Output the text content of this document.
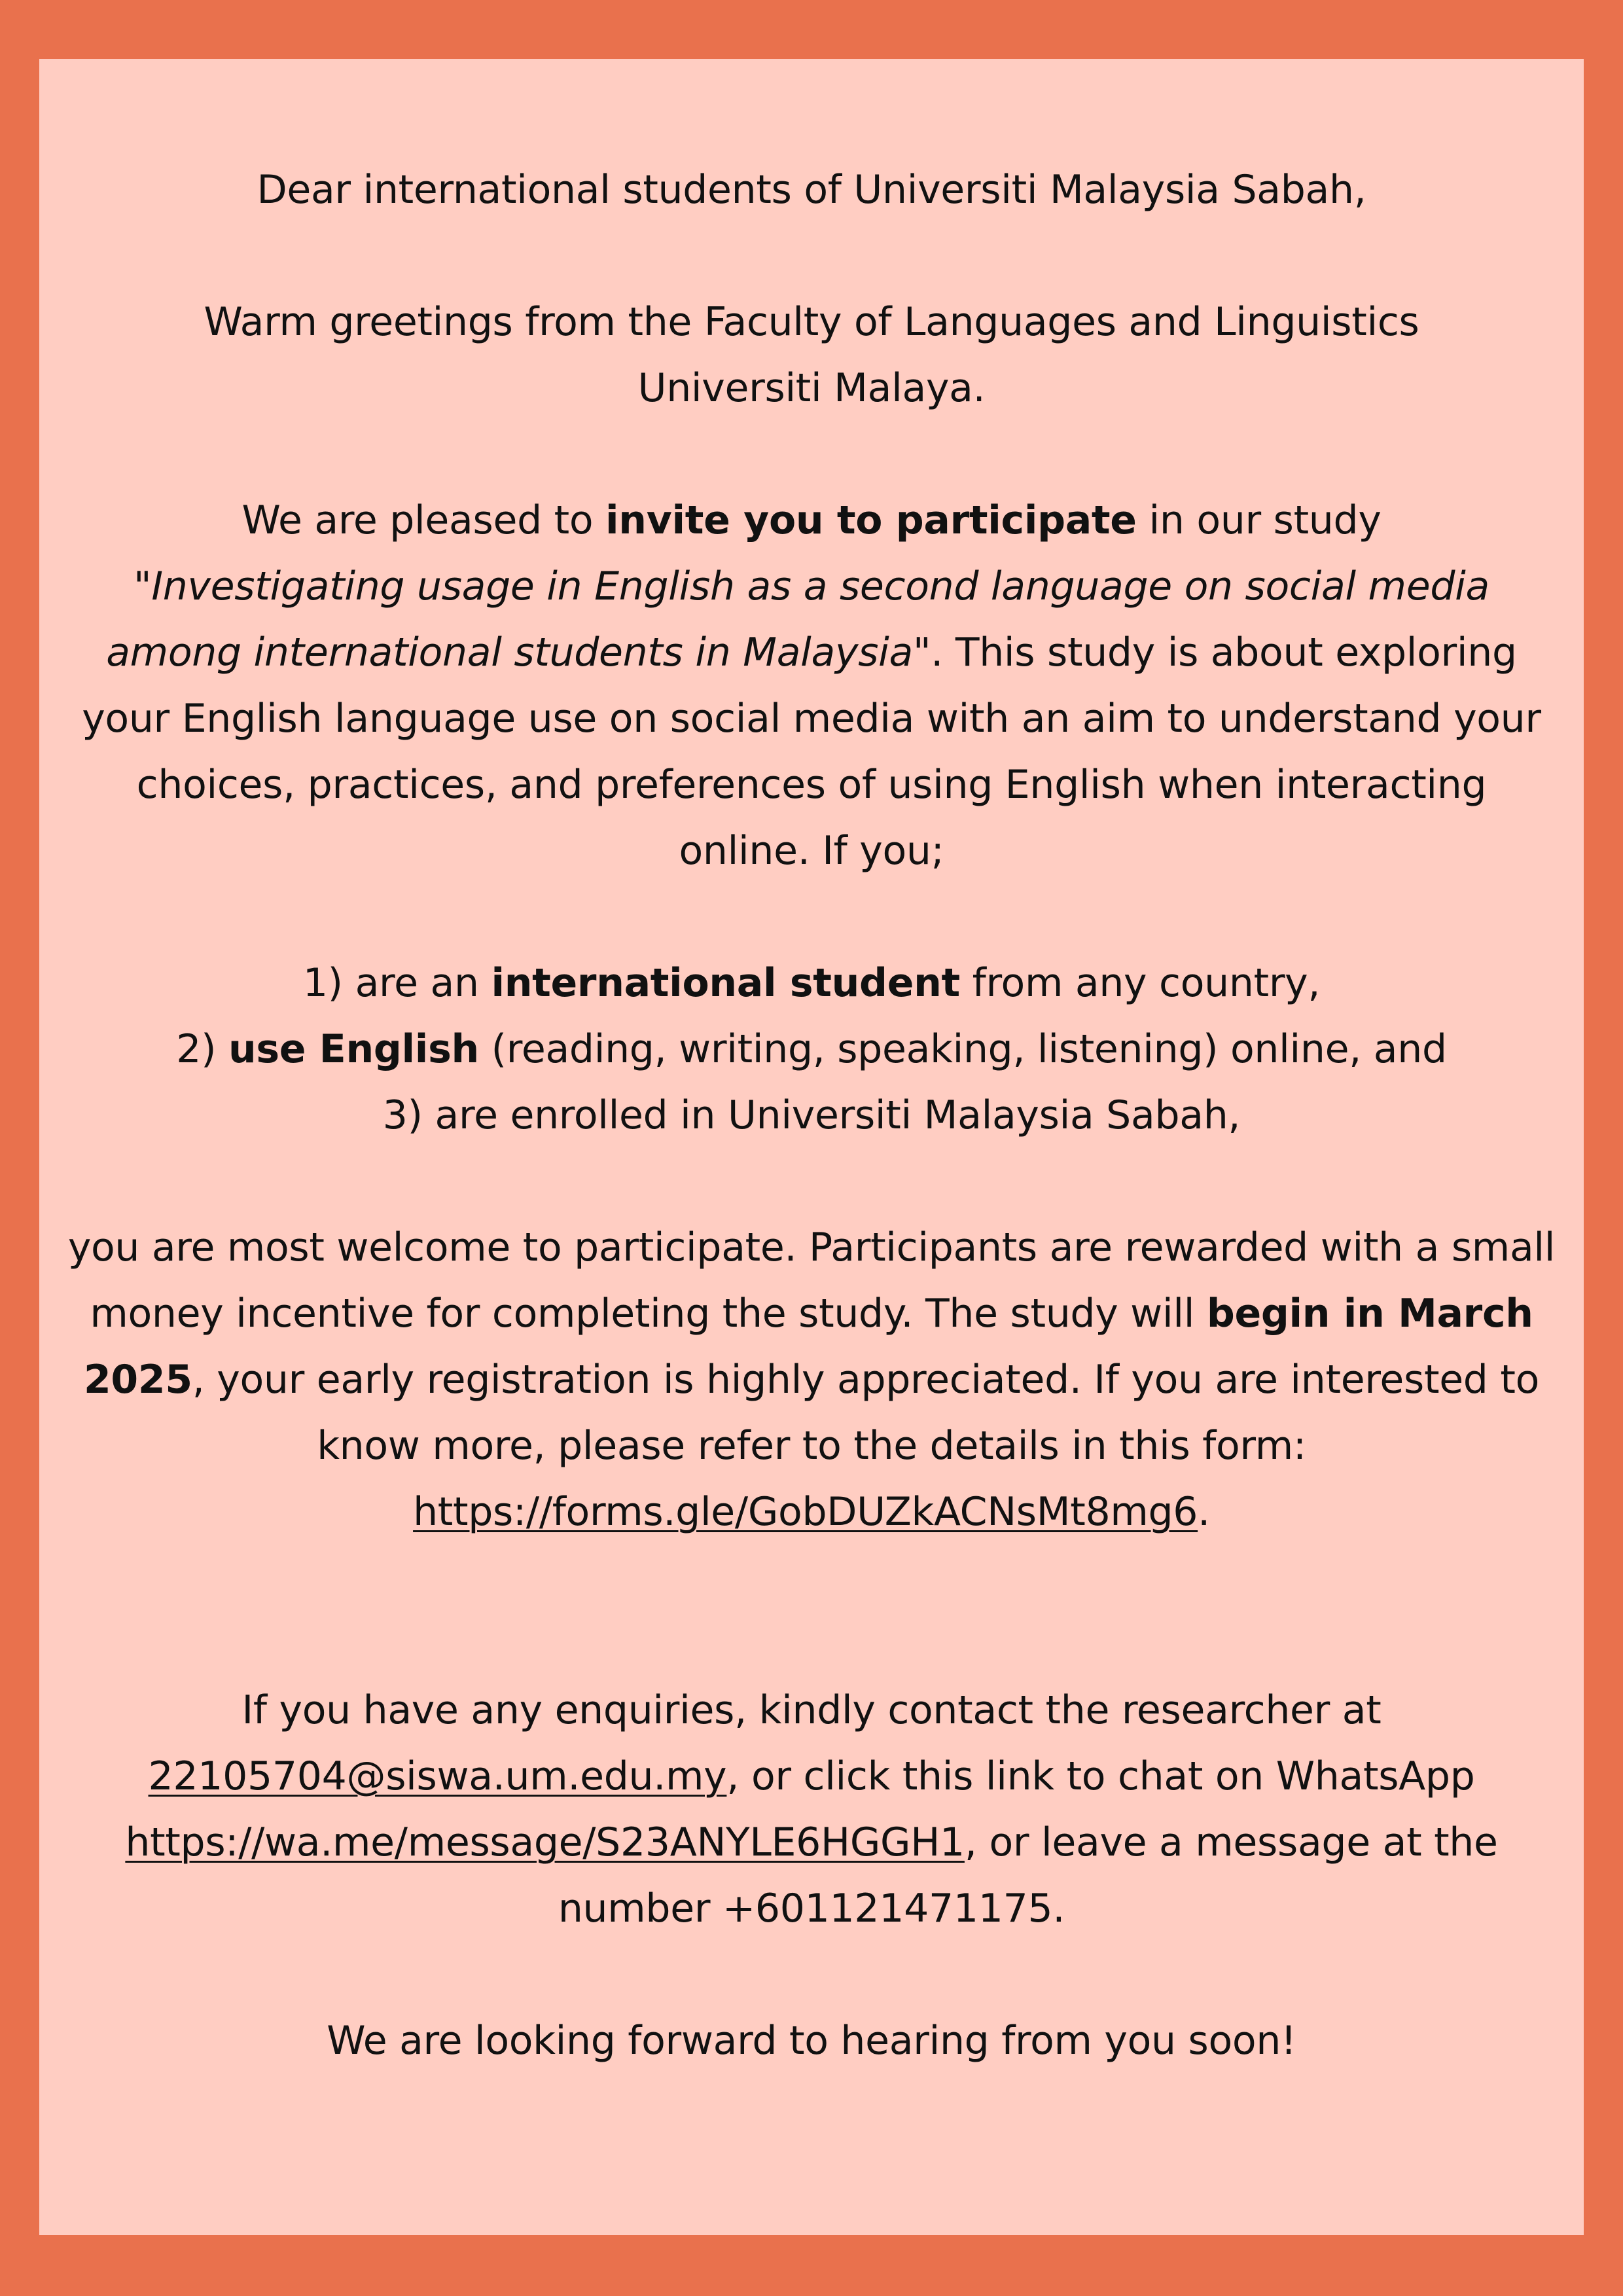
Dear international students of Universiti Malaysia Sabah,

Warm greetings from the Faculty of Languages and Linguistics
Universiti Malaya.

We are pleased to invite you to participate in our study
"Investigating usage in English as a second language on social media among international students in Malaysia". This study is about exploring your English language use on social media with an aim to understand your choices, practices, and preferences of using English when interacting online. If you;

1) are an international student from any country,
2) use English (reading, writing, speaking, listening) online, and
3) are enrolled in Universiti Malaysia Sabah,

you are most welcome to participate. Participants are rewarded with a small money incentive for completing the study. The study will begin in March 2025, your early registration is highly appreciated. If you are interested to know more, please refer to the details in this form:
https://forms.gle/GobDUZkACNsMt8mg6.

If you have any enquiries, kindly contact the researcher at 22105704@siswa.um.edu.my, or click this link to chat on WhatsApp https://wa.me/message/S23ANYLE6HGGH1, or leave a message at the number +601121471175.

We are looking forward to hearing from you soon!
